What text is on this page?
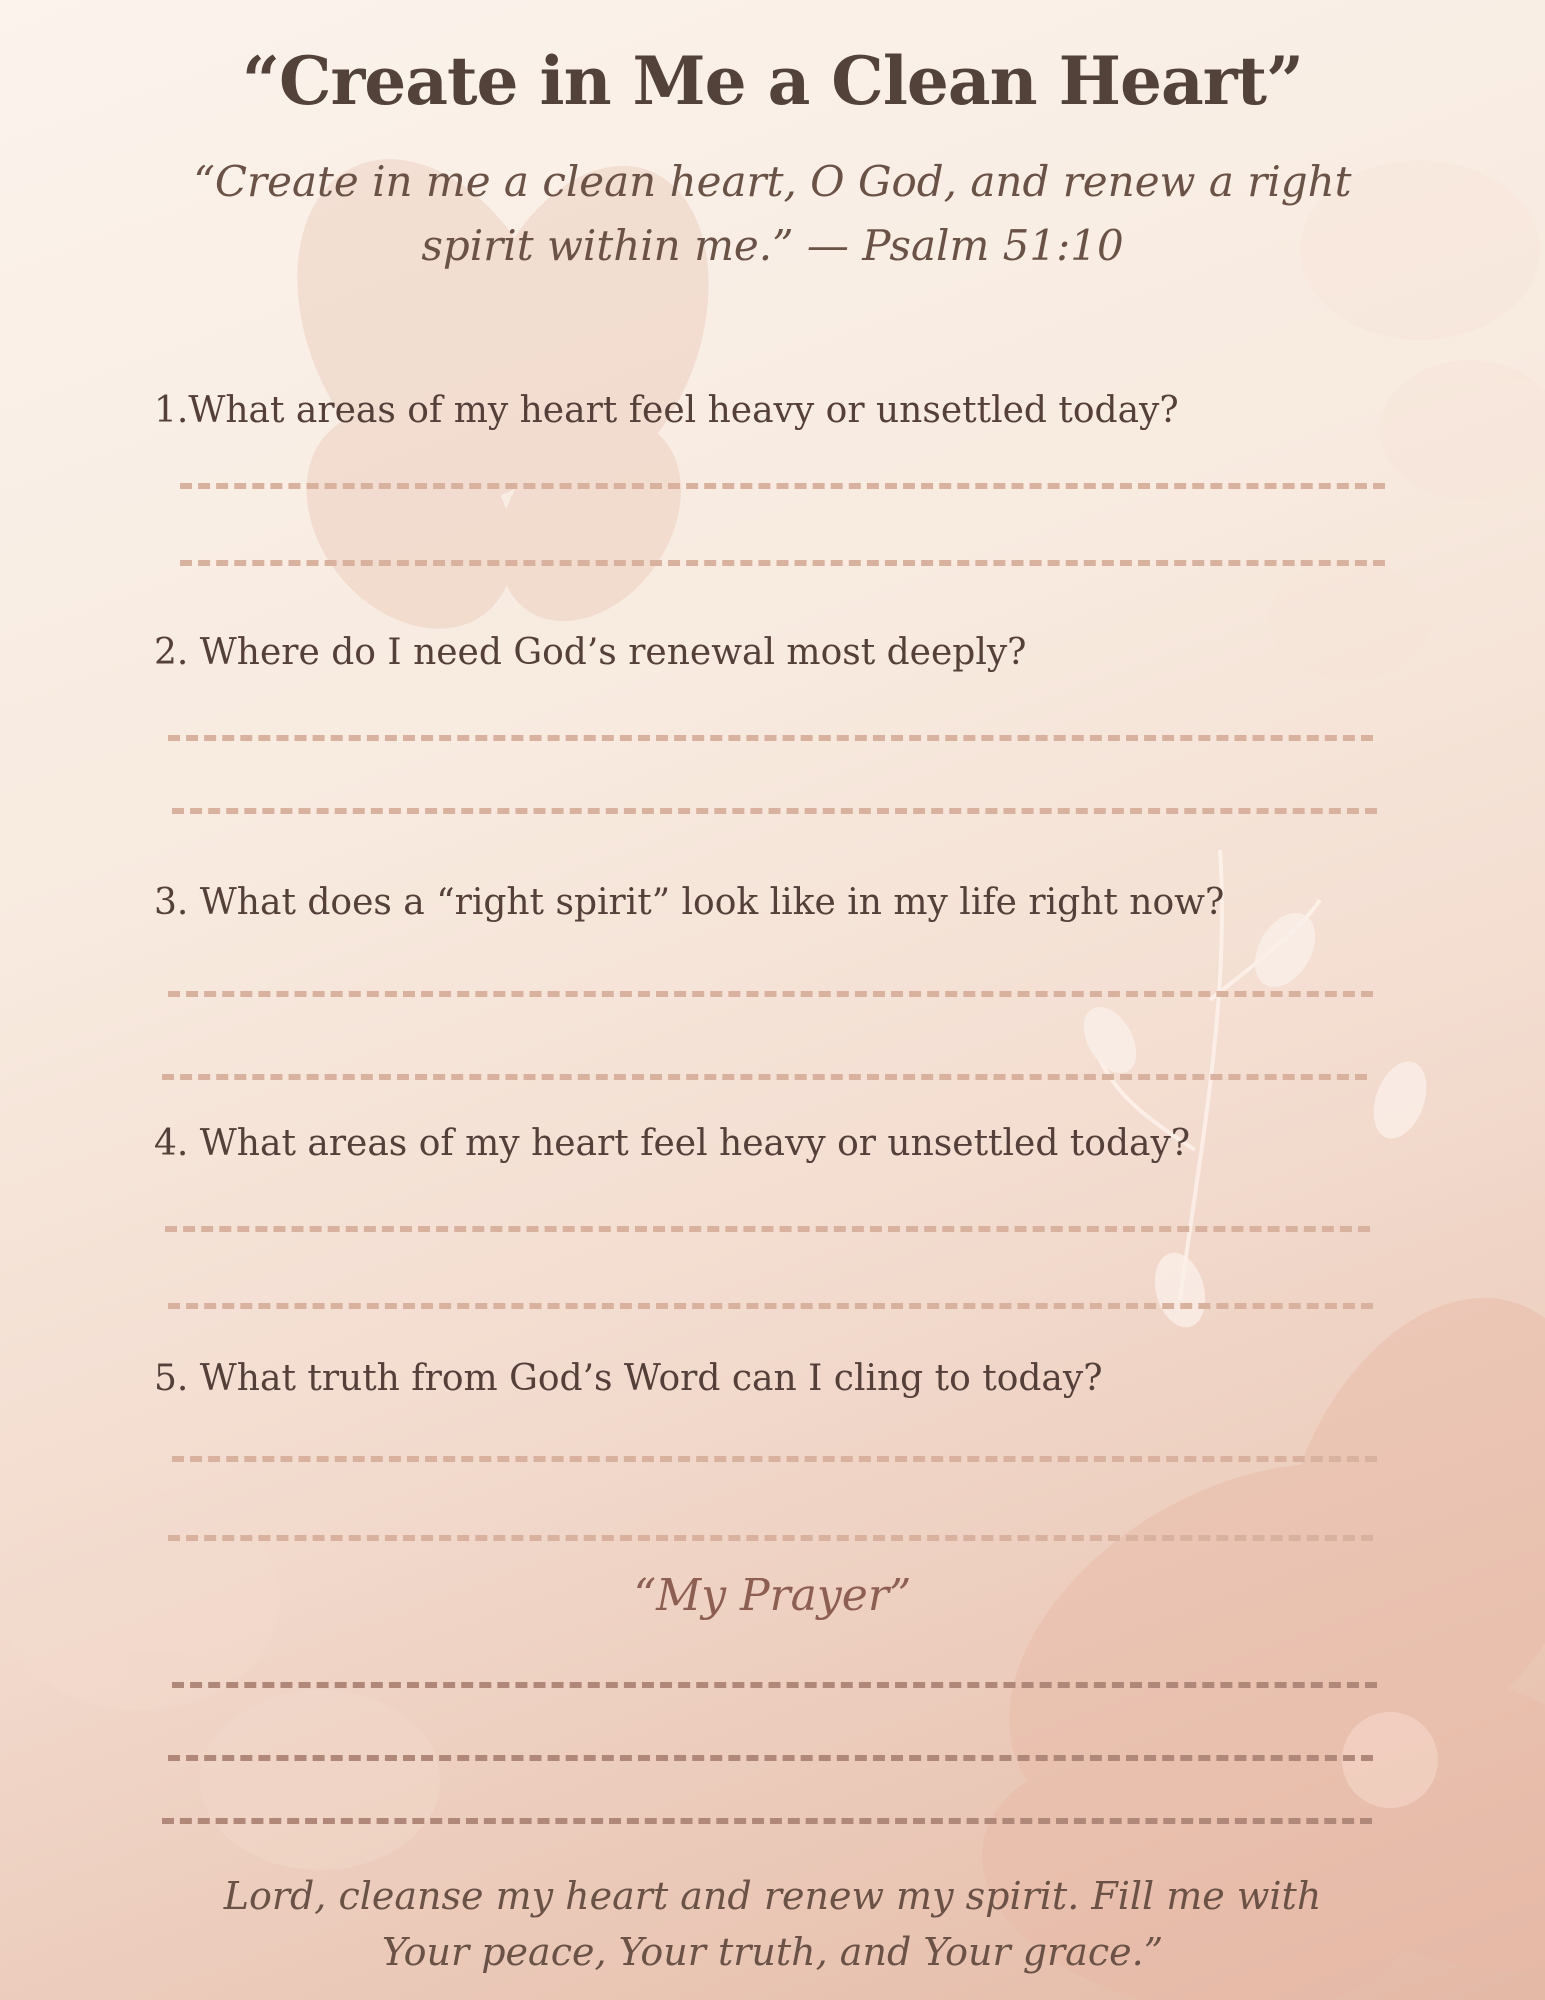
“Create in Me a Clean Heart”
“Create in me a clean heart, O God, and renew a right spirit within me.” — Psalm 51:10
1.What areas of my heart feel heavy or unsettled today?
2. Where do I need God’s renewal most deeply?
3. What does a “right spirit” look like in my life right now?
4. What areas of my heart feel heavy or unsettled today?
5. What truth from God’s Word can I cling to today?
“My Prayer”
Lord, cleanse my heart and renew my spirit. Fill me with Your peace, Your truth, and Your grace.”
